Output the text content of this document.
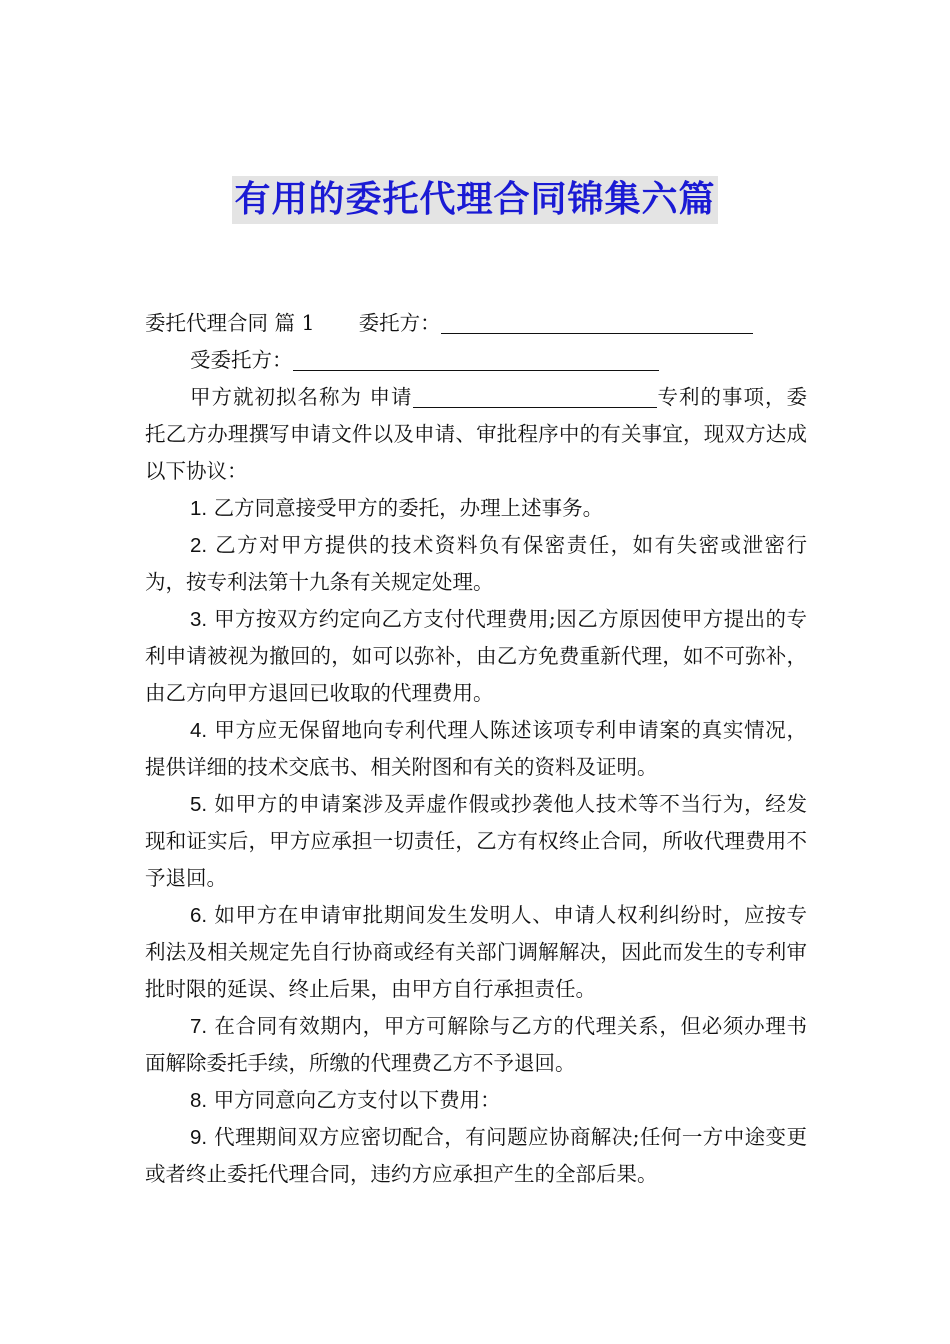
有用的委托代理合同锦集六篇

委托代理合同 篇 1 委托方：

受委托方：

甲方就初拟名称为 申请	专利的事项，委托乙方办理撰写申请文件以及申请、审批程序中的有关事宜，现双方达成以下协议：

1. 乙方同意接受甲方的委托，办理上述事务。

2. 乙方对甲方提供的技术资料负有保密责任，如有失密或泄密行为，按专利法第十九条有关规定处理。

3. 甲方按双方约定向乙方支付代理费用;因乙方原因使甲方提出的专利申请被视为撤回的，如可以弥补，由乙方免费重新代理，如不可弥补，由乙方向甲方退回已收取的代理费用。

4. 甲方应无保留地向专利代理人陈述该项专利申请案的真实情况，提供详细的技术交底书、相关附图和有关的资料及证明。

5. 如甲方的申请案涉及弄虚作假或抄袭他人技术等不当行为，经发现和证实后，甲方应承担一切责任，乙方有权终止合同，所收代理费用不予退回。

6. 如甲方在申请审批期间发生发明人、申请人权利纠纷时，应按专利法及相关规定先自行协商或经有关部门调解解决，因此而发生的专利审批时限的延误、终止后果，由甲方自行承担责任。

7. 在合同有效期内，甲方可解除与乙方的代理关系，但必须办理书面解除委托手续，所缴的代理费乙方不予退回。

8. 甲方同意向乙方支付以下费用：

9. 代理期间双方应密切配合，有问题应协商解决;任何一方中途变更或者终止委托代理合同，违约方应承担产生的全部后果。
